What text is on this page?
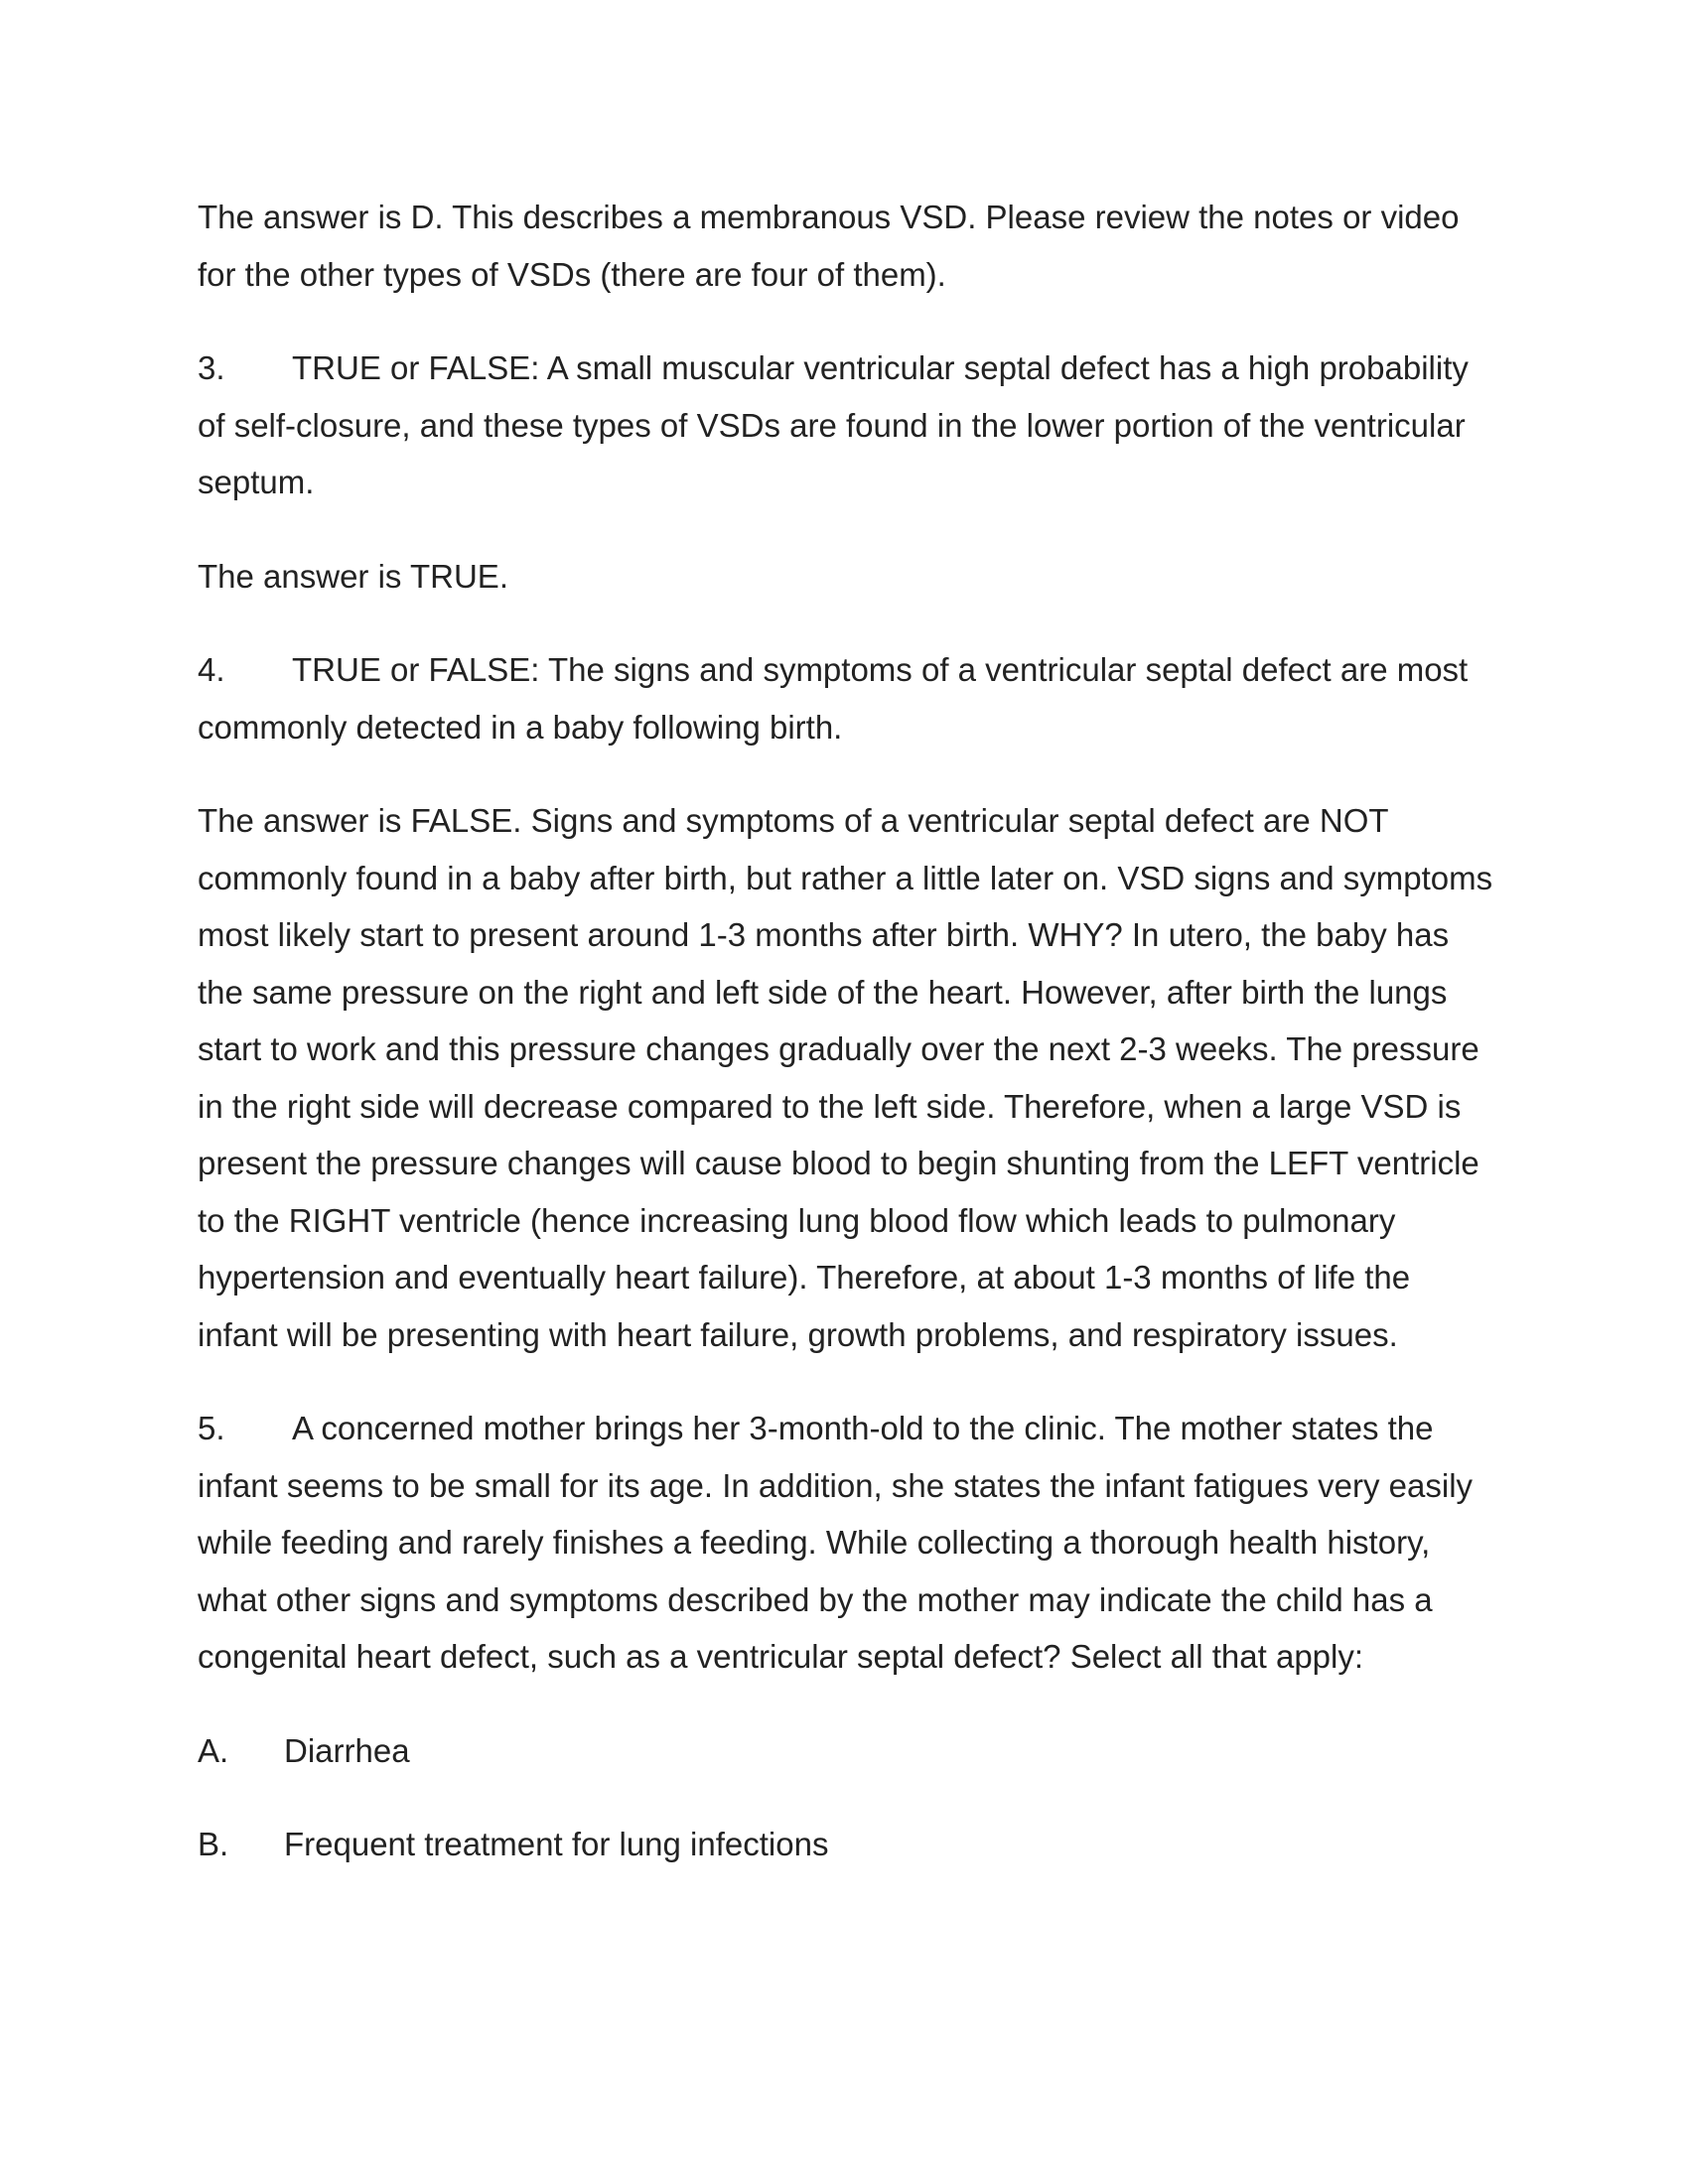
The answer is D. This describes a membranous VSD. Please review the notes or video for the other types of VSDs (there are four of them).

3. TRUE or FALSE: A small muscular ventricular septal defect has a high probability of self-closure, and these types of VSDs are found in the lower portion of the ventricular septum.

The answer is TRUE.

4. TRUE or FALSE: The signs and symptoms of a ventricular septal defect are most commonly detected in a baby following birth.

The answer is FALSE. Signs and symptoms of a ventricular septal defect are NOT commonly found in a baby after birth, but rather a little later on. VSD signs and symptoms most likely start to present around 1-3 months after birth. WHY? In utero, the baby has the same pressure on the right and left side of the heart. However, after birth the lungs start to work and this pressure changes gradually over the next 2-3 weeks. The pressure in the right side will decrease compared to the left side. Therefore, when a large VSD is present the pressure changes will cause blood to begin shunting from the LEFT ventricle to the RIGHT ventricle (hence increasing lung blood flow which leads to pulmonary hypertension and eventually heart failure). Therefore, at about 1-3 months of life the infant will be presenting with heart failure, growth problems, and respiratory issues.

5. A concerned mother brings her 3-month-old to the clinic. The mother states the infant seems to be small for its age. In addition, she states the infant fatigues very easily while feeding and rarely finishes a feeding. While collecting a thorough health history, what other signs and symptoms described by the mother may indicate the child has a congenital heart defect, such as a ventricular septal defect? Select all that apply:

A. Diarrhea

B. Frequent treatment for lung infections
